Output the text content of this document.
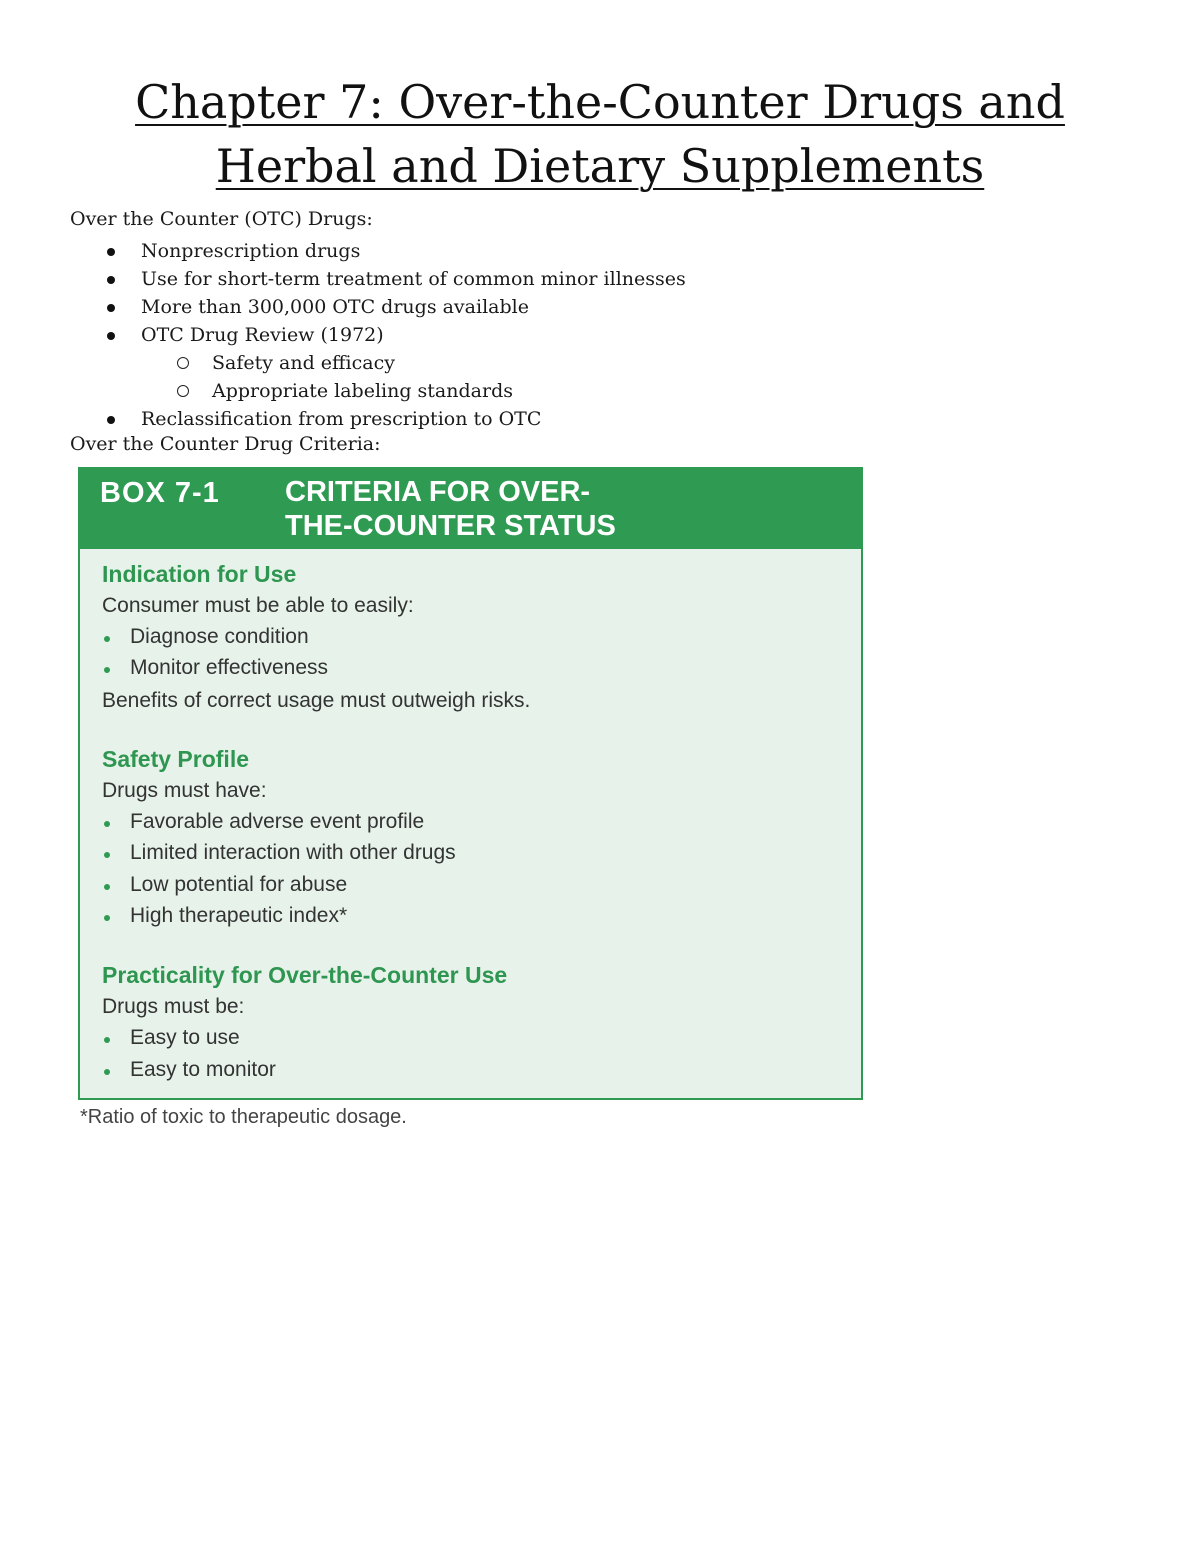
Chapter 7: Over-the-Counter Drugs and
Herbal and Dietary Supplements
Over the Counter (OTC) Drugs:
Nonprescription drugs
Use for short-term treatment of common minor illnesses
More than 300,000 OTC drugs available
OTC Drug Review (1972)
Safety and efficacy
Appropriate labeling standards
Reclassification from prescription to OTC
Over the Counter Drug Criteria:
BOX 7-1 CRITERIA FOR OVER-
THE-COUNTER STATUS
Indication for Use
Consumer must be able to easily:
Diagnose condition
Monitor effectiveness
Benefits of correct usage must outweigh risks.
Safety Profile
Drugs must have:
Favorable adverse event profile
Limited interaction with other drugs
Low potential for abuse
High therapeutic index*
Practicality for Over-the-Counter Use
Drugs must be:
Easy to use
Easy to monitor
*Ratio of toxic to therapeutic dosage.
